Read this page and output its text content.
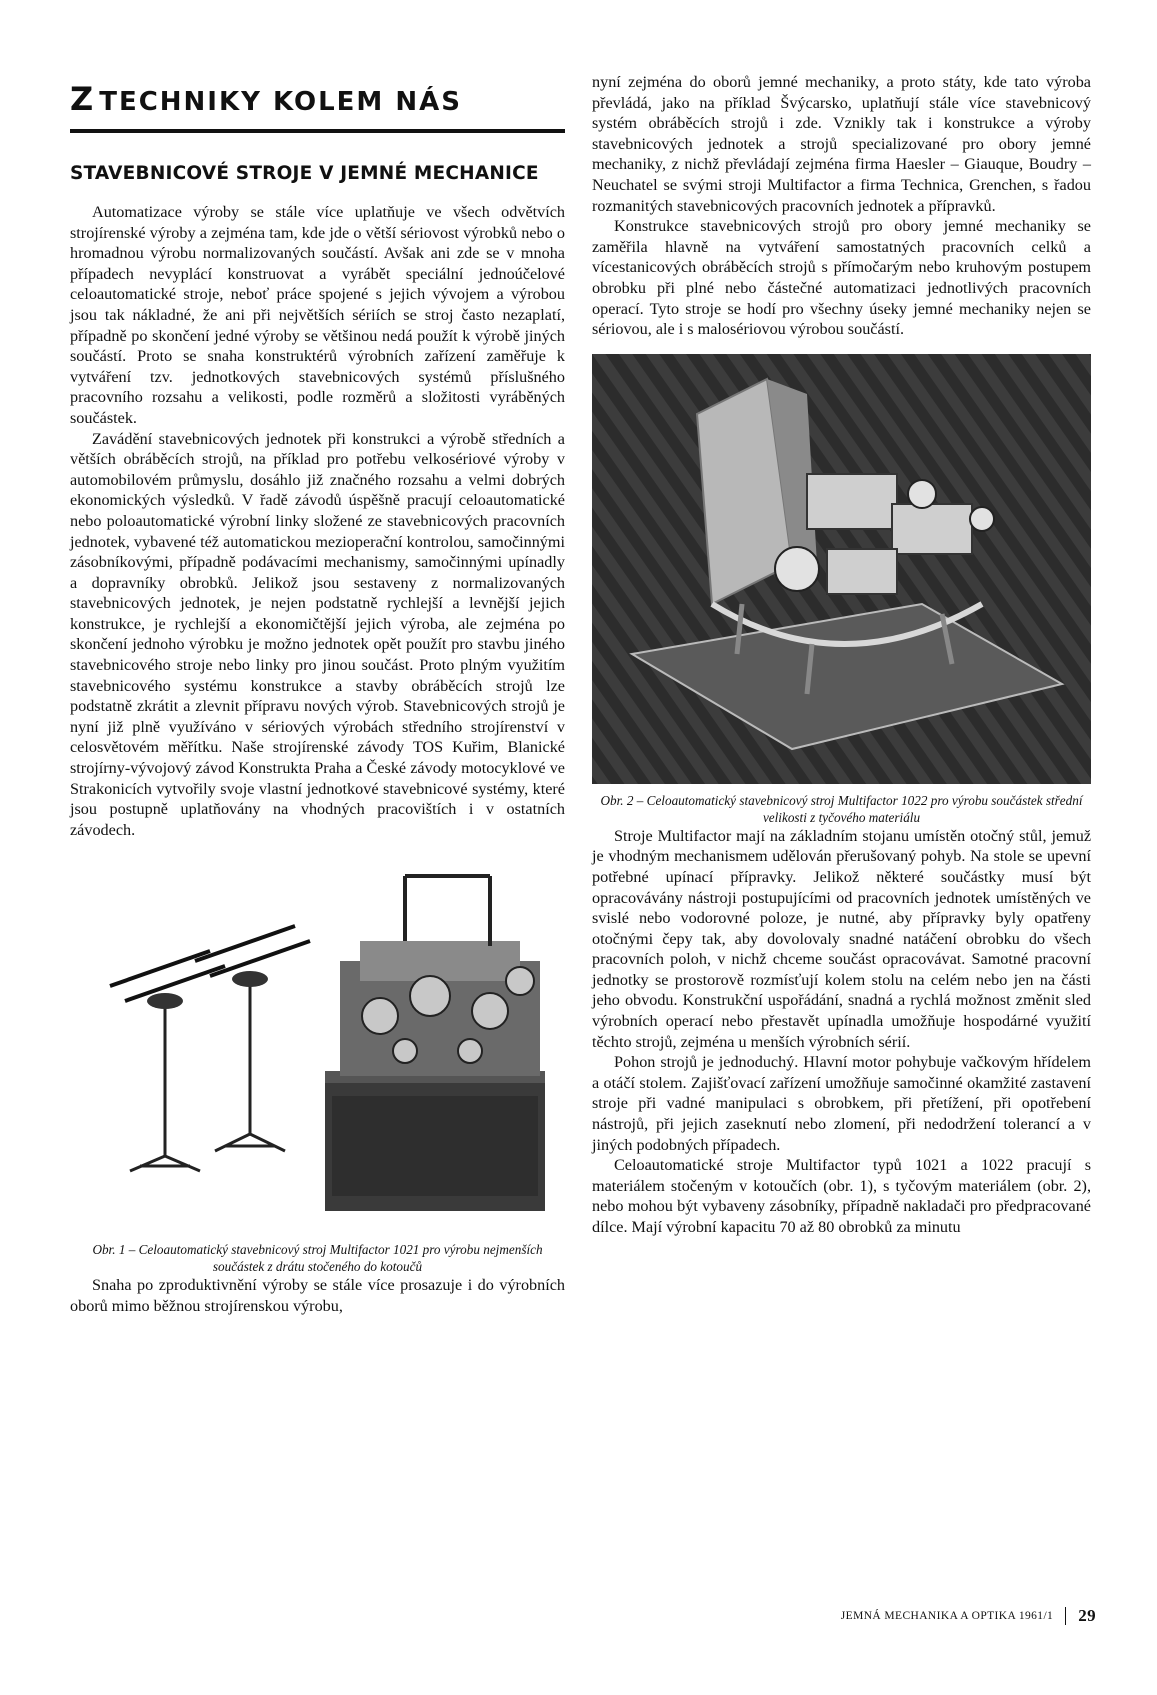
Z TECHNIKY KOLEM NÁS
STAVEBNICOVÉ STROJE V JEMNÉ MECHANICE

Automatizace výroby se stále více uplatňuje ve všech odvětvích strojírenské výroby a zejména tam, kde jde o větší sériovost výrobků nebo o hromadnou výrobu normalizovaných součástí. Avšak ani zde se v mnoha případech nevyplácí konstruovat a vyrábět speciální jednoúčelové celoautomatické stroje, neboť práce spojené s jejich vývojem a výrobou jsou tak nákladné, že ani při největších sériích se stroj často nezaplatí, případně po skončení jedné výroby se většinou nedá použít k výrobě jiných součástí. Proto se snaha konstruktérů výrobních zařízení zaměřuje k vytváření tzv. jednotkových stavebnicových systémů příslušného pracovního rozsahu a velikosti, podle rozměrů a složitosti vyráběných součástek.

Zavádění stavebnicových jednotek při konstrukci a výrobě středních a větších obráběcích strojů, na příklad pro potřebu velkosériové výroby v automobilovém průmyslu, dosáhlo již značného rozsahu a velmi dobrých ekonomických výsledků. V řadě závodů úspěšně pracují celoautomatické nebo poloautomatické výrobní linky složené ze stavebnicových pracovních jednotek, vybavené též automatickou mezioperační kontrolou, samočinnými zásobníkovými, případně podávacími mechanismy, samočinnými upínadly a dopravníky obrobků. Jelikož jsou sestaveny z normalizovaných stavebnicových jednotek, je nejen podstatně rychlejší a levnější jejich konstrukce, je rychlejší a ekonomičtější jejich výroba, ale zejména po skončení jednoho výrobku je možno jednotek opět použít pro stavbu jiného stavebnicového stroje nebo linky pro jinou součást. Proto plným využitím stavebnicového systému konstrukce a stavby obráběcích strojů lze podstatně zkrátit a zlevnit přípravu nových výrob. Stavebnicových strojů je nyní již plně využíváno v sériových výrobách středního strojírenství v celosvětovém měřítku. Naše strojírenské závody TOS Kuřim, Blanické strojírny-vývojový závod Konstrukta Praha a České závody motocyklové ve Strakonicích vytvořily svoje vlastní jednotkové stavebnicové systémy, které jsou postupně uplatňovány na vhodných pracovištích i v ostatních závodech.

Obr. 1 – Celoautomatický stavebnicový stroj Multifactor 1021 pro výrobu nejmenších součástek z drátu stočeného do kotoučů

Snaha po zproduktivnění výroby se stále více prosazuje i do výrobních oborů mimo běžnou strojírenskou výrobu,

nyní zejména do oborů jemné mechaniky, a proto státy, kde tato výroba převládá, jako na příklad Švýcarsko, uplatňují stále více stavebnicový systém obráběcích strojů i zde. Vznikly tak i konstrukce a výroby stavebnicových jednotek a strojů specializované pro obory jemné mechaniky, z nichž převládají zejména firma Haesler – Giauque, Boudry – Neuchatel se svými stroji Multifactor a firma Technica, Grenchen, s řadou rozmanitých stavebnicových pracovních jednotek a přípravků.

Konstrukce stavebnicových strojů pro obory jemné mechaniky se zaměřila hlavně na vytváření samostatných pracovních celků a vícestanicových obráběcích strojů s přímočarým nebo kruhovým postupem obrobku při plné nebo částečné automatizaci jednotlivých pracovních operací. Tyto stroje se hodí pro všechny úseky jemné mechaniky nejen se sériovou, ale i s malosériovou výrobou součástí.

Obr. 2 – Celoautomatický stavebnicový stroj Multifactor 1022 pro výrobu součástek střední velikosti z tyčového materiálu

Stroje Multifactor mají na základním stojanu umístěn otočný stůl, jemuž je vhodným mechanismem udělován přerušovaný pohyb. Na stole se upevní potřebné upínací přípravky. Jelikož některé součástky musí být opracovávány nástroji postupujícími od pracovních jednotek umístěných ve svislé nebo vodorovné poloze, je nutné, aby přípravky byly opatřeny otočnými čepy tak, aby dovolovaly snadné natáčení obrobku do všech pracovních poloh, v nichž chceme součást opracovávat. Samotné pracovní jednotky se prostorově rozmísťují kolem stolu na celém nebo jen na části jeho obvodu. Konstrukční uspořádání, snadná a rychlá možnost změnit sled výrobních operací nebo přestavět upínadla umožňuje hospodárné využití těchto strojů, zejména u menších výrobních sérií.

Pohon strojů je jednoduchý. Hlavní motor pohybuje vačkovým hřídelem a otáčí stolem. Zajišťovací zařízení umožňuje samočinné okamžité zastavení stroje při vadné manipulaci s obrobkem, při přetížení, při opotřebení nástrojů, při jejich zaseknutí nebo zlomení, při nedodržení tolerancí a v jiných podobných případech.

Celoautomatické stroje Multifactor typů 1021 a 1022 pracují s materiálem stočeným v kotoučích (obr. 1), s tyčovým materiálem (obr. 2), nebo mohou být vybaveny zásobníky, případně nakladači pro předpracované dílce. Mají výrobní kapacitu 70 až 80 obrobků za minutu

JEMNÁ MECHANIKA A OPTIKA 1961/1 29
